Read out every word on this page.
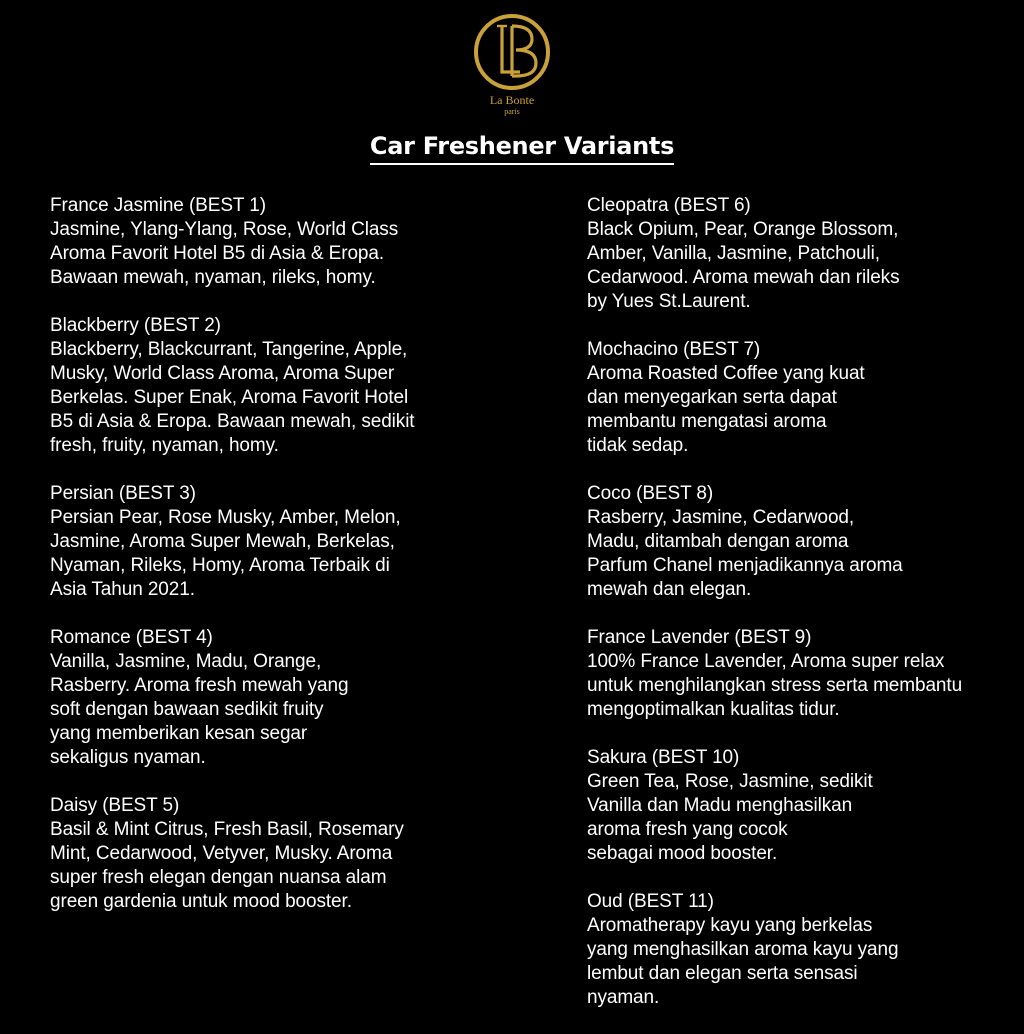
La Bonte
paris
Car Freshener Variants
France Jasmine (BEST 1)
Jasmine, Ylang-Ylang, Rose, World Class
Aroma Favorit Hotel B5 di Asia & Eropa.
Bawaan mewah, nyaman, rileks, homy.
Blackberry (BEST 2)
Blackberry, Blackcurrant, Tangerine, Apple,
Musky, World Class Aroma, Aroma Super
Berkelas. Super Enak, Aroma Favorit Hotel
B5 di Asia & Eropa. Bawaan mewah, sedikit
fresh, fruity, nyaman, homy.
Persian (BEST 3)
Persian Pear, Rose Musky, Amber, Melon,
Jasmine, Aroma Super Mewah, Berkelas,
Nyaman, Rileks, Homy, Aroma Terbaik di
Asia Tahun 2021.
Romance (BEST 4)
Vanilla, Jasmine, Madu, Orange,
Rasberry. Aroma fresh mewah yang
soft dengan bawaan sedikit fruity
yang memberikan kesan segar
sekaligus nyaman.
Daisy (BEST 5)
Basil & Mint Citrus, Fresh Basil, Rosemary
Mint, Cedarwood, Vetyver, Musky. Aroma
super fresh elegan dengan nuansa alam
green gardenia untuk mood booster.
Cleopatra (BEST 6)
Black Opium, Pear, Orange Blossom,
Amber, Vanilla, Jasmine, Patchouli,
Cedarwood. Aroma mewah dan rileks
by Yues St.Laurent.
Mochacino (BEST 7)
Aroma Roasted Coffee yang kuat
dan menyegarkan serta dapat
membantu mengatasi aroma
tidak sedap.
Coco (BEST 8)
Rasberry, Jasmine, Cedarwood,
Madu, ditambah dengan aroma
Parfum Chanel menjadikannya aroma
mewah dan elegan.
France Lavender (BEST 9)
100% France Lavender, Aroma super relax
untuk menghilangkan stress serta membantu
mengoptimalkan kualitas tidur.
Sakura (BEST 10)
Green Tea, Rose, Jasmine, sedikit
Vanilla dan Madu menghasilkan
aroma fresh yang cocok
sebagai mood booster.
Oud (BEST 11)
Aromatherapy kayu yang berkelas
yang menghasilkan aroma kayu yang
lembut dan elegan serta sensasi
nyaman.
